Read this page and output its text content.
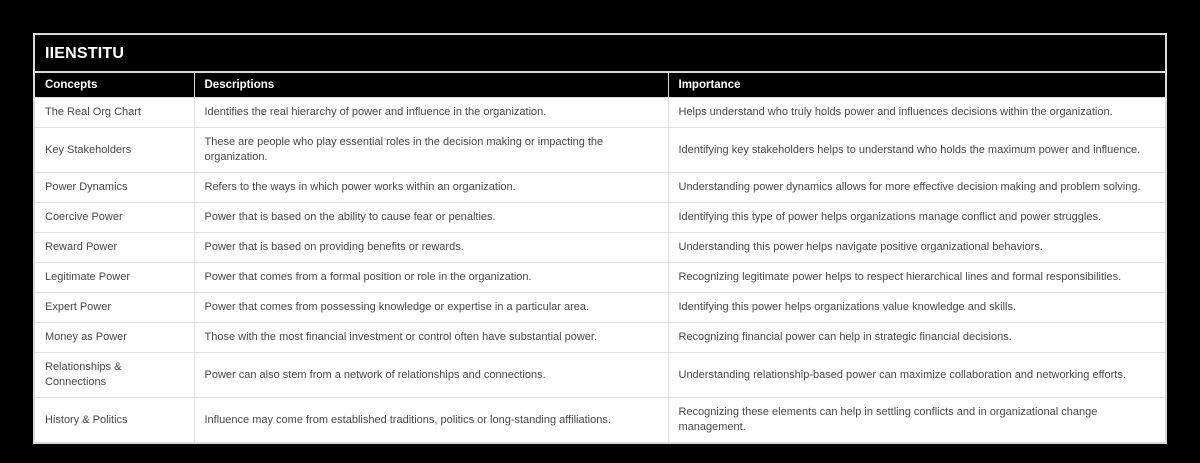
IIENSTITU
Concepts	Descriptions	Importance
The Real Org Chart	Identifies the real hierarchy of power and influence in the organization.	Helps understand who truly holds power and influences decisions within the organization.
Key Stakeholders	These are people who play essential roles in the decision making or impacting the organization.	Identifying key stakeholders helps to understand who holds the maximum power and influence.
Power Dynamics	Refers to the ways in which power works within an organization.	Understanding power dynamics allows for more effective decision making and problem solving.
Coercive Power	Power that is based on the ability to cause fear or penalties.	Identifying this type of power helps organizations manage conflict and power struggles.
Reward Power	Power that is based on providing benefits or rewards.	Understanding this power helps navigate positive organizational behaviors.
Legitimate Power	Power that comes from a formal position or role in the organization.	Recognizing legitimate power helps to respect hierarchical lines and formal responsibilities.
Expert Power	Power that comes from possessing knowledge or expertise in a particular area.	Identifying this power helps organizations value knowledge and skills.
Money as Power	Those with the most financial investment or control often have substantial power.	Recognizing financial power can help in strategic financial decisions.
Relationships & Connections	Power can also stem from a network of relationships and connections.	Understanding relationship-based power can maximize collaboration and networking efforts.
History & Politics	Influence may come from established traditions, politics or long-standing affiliations.	Recognizing these elements can help in settling conflicts and in organizational change management.
